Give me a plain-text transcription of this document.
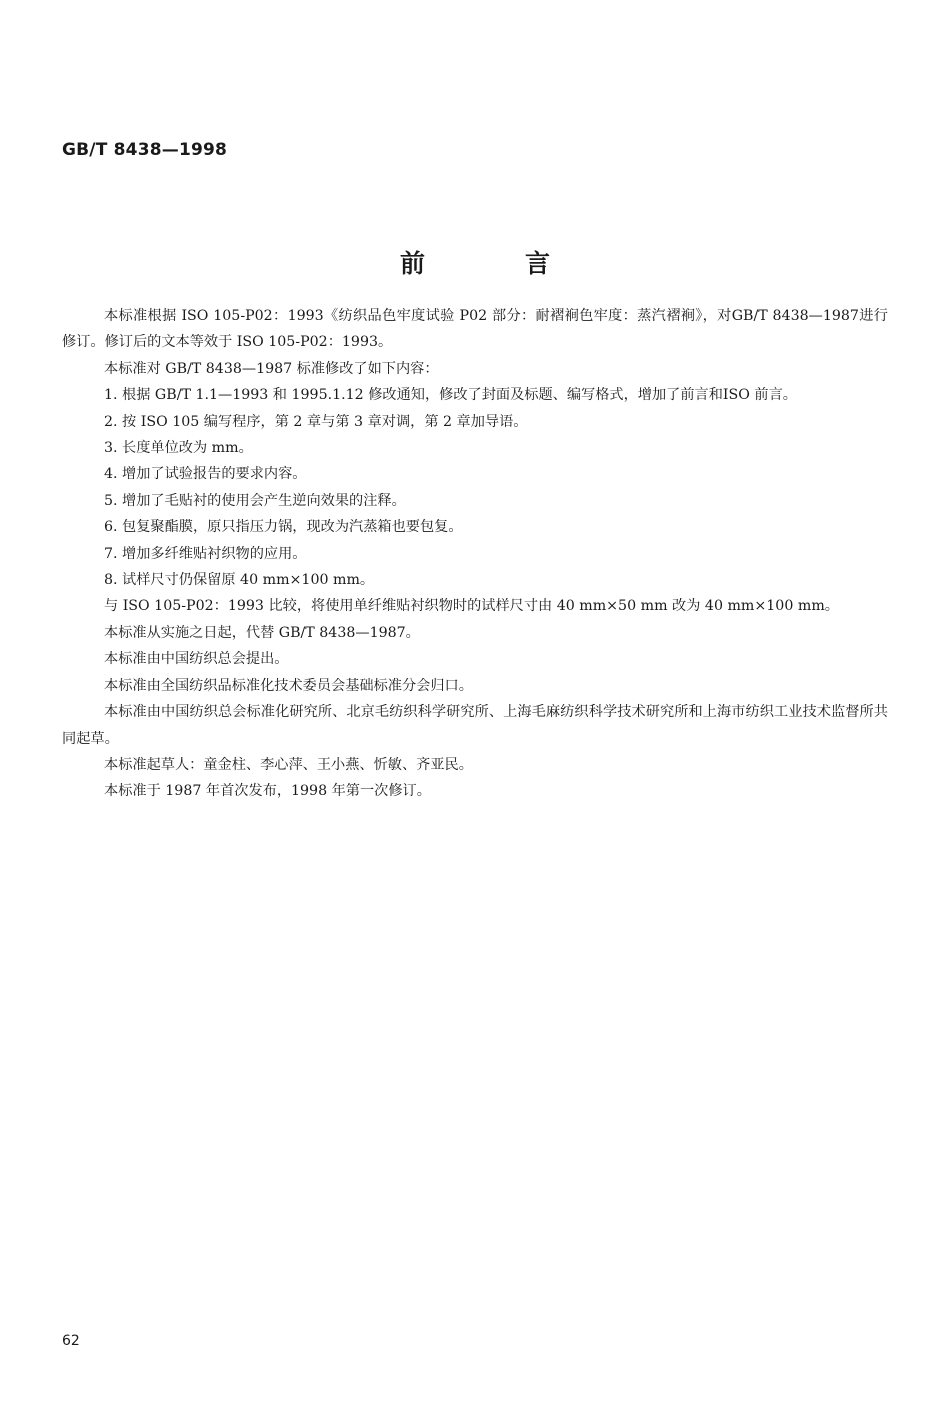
GB/T 8438—1998
前言

本标准根据 ISO 105-P02：1993《纺织品色牢度试验 P02 部分：耐褶裥色牢度：蒸汽褶裥》，对GB/T 8438—1987进行修订。修订后的文本等效于 ISO 105-P02：1993。

本标准对 GB/T 8438—1987 标准修改了如下内容：

1. 根据 GB/T 1.1—1993 和 1995.1.12 修改通知，修改了封面及标题、编写格式，增加了前言和ISO 前言。

2. 按 ISO 105 编写程序，第 2 章与第 3 章对调，第 2 章加导语。

3. 长度单位改为 mm。

4. 增加了试验报告的要求内容。

5. 增加了毛贴衬的使用会产生逆向效果的注释。

6. 包复聚酯膜，原只指压力锅，现改为汽蒸箱也要包复。

7. 增加多纤维贴衬织物的应用。

8. 试样尺寸仍保留原 40 mm×100 mm。

与 ISO 105-P02：1993 比较，将使用单纤维贴衬织物时的试样尺寸由 40 mm×50 mm 改为 40 mm×100 mm。

本标准从实施之日起，代替 GB/T 8438—1987。

本标准由中国纺织总会提出。

本标准由全国纺织品标准化技术委员会基础标准分会归口。

本标准由中国纺织总会标准化研究所、北京毛纺织科学研究所、上海毛麻纺织科学技术研究所和上海市纺织工业技术监督所共同起草。

本标准起草人：童金柱、李心萍、王小燕、忻敏、齐亚民。

本标准于 1987 年首次发布，1998 年第一次修订。

62
